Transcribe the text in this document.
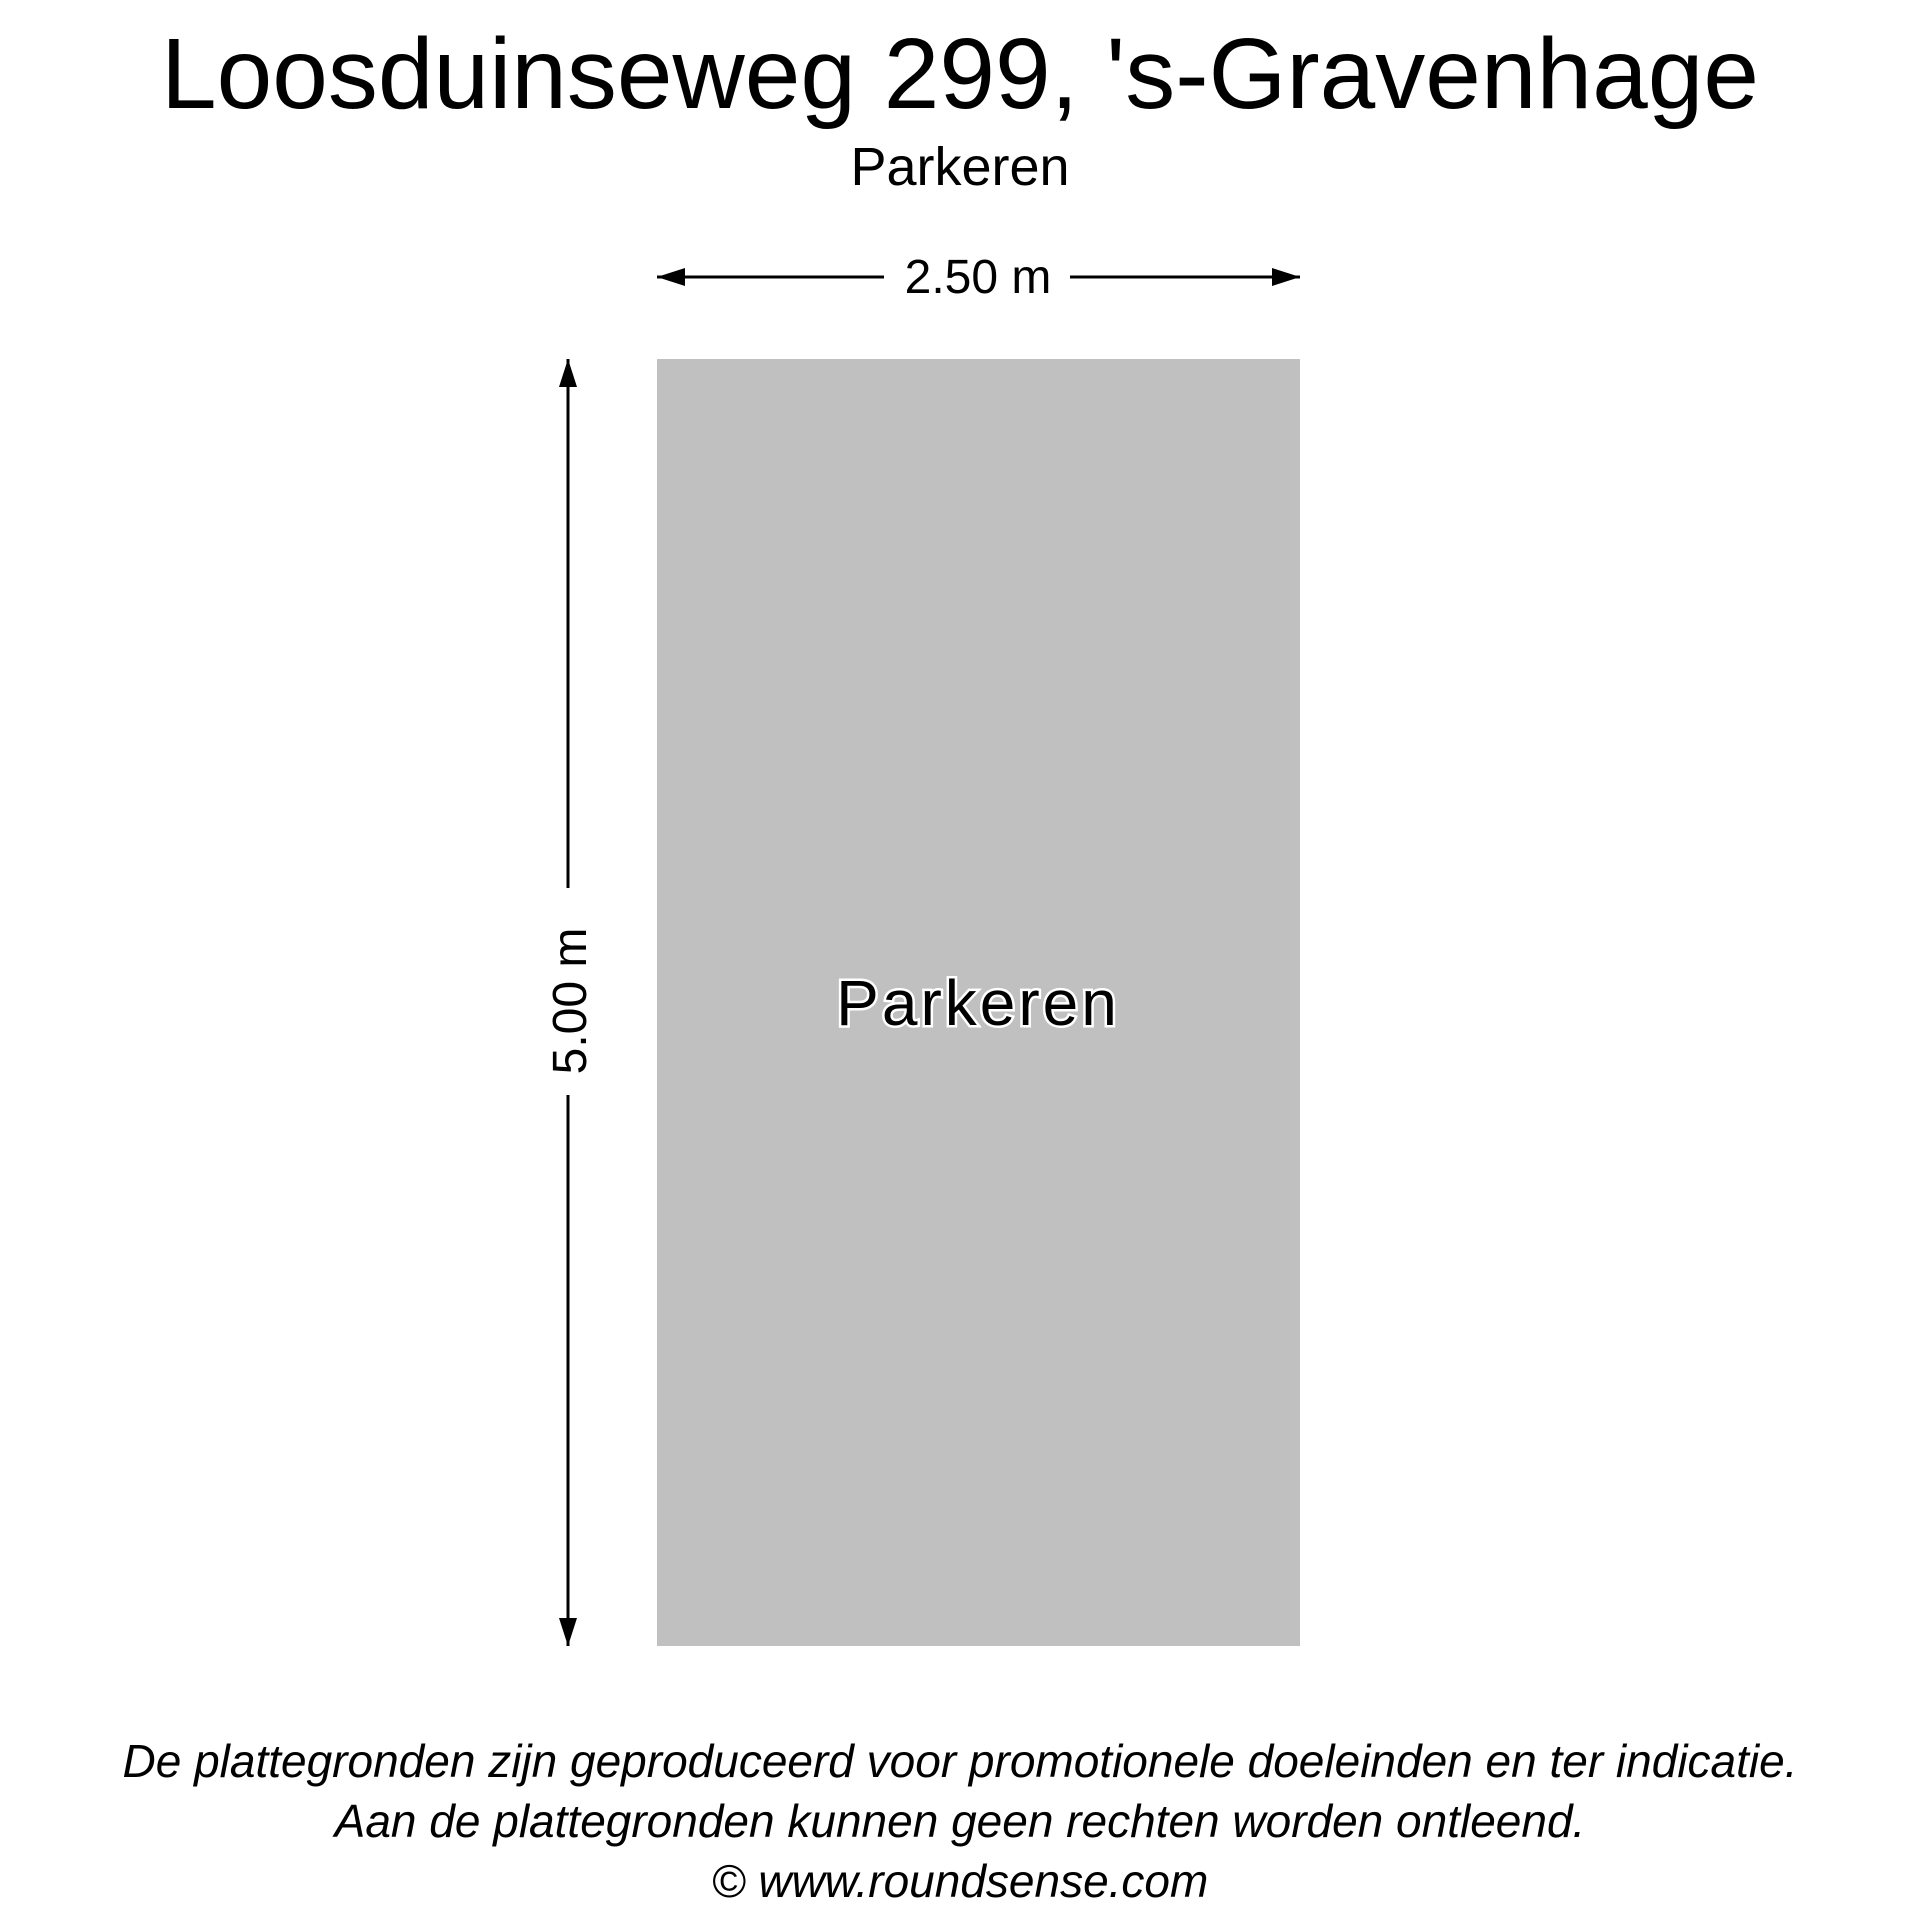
Loosduinseweg 299, 's-Gravenhage
Parkeren
Parkeren
2.50 m
5.00 m
De plattegronden zijn geproduceerd voor promotionele doeleinden en ter indicatie.
Aan de plattegronden kunnen geen rechten worden ontleend.
© www.roundsense.com
